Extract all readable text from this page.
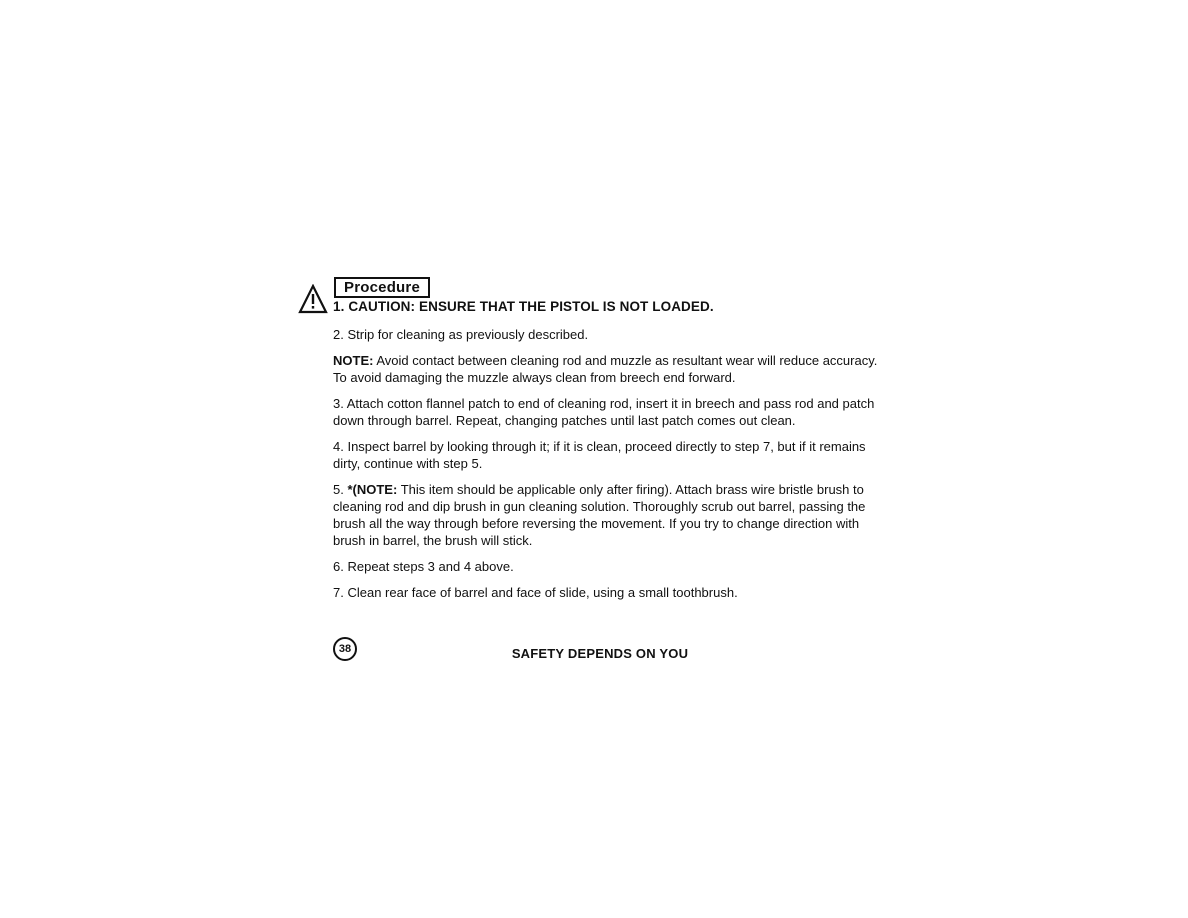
Procedure
1. CAUTION: ENSURE THAT THE PISTOL IS NOT LOADED.
2. Strip for cleaning as previously described.
NOTE: Avoid contact between cleaning rod and muzzle as resultant wear will reduce accuracy. To avoid damaging the muzzle always clean from breech end forward.
3. Attach cotton flannel patch to end of cleaning rod, insert it in breech and pass rod and patch down through barrel. Repeat, changing patches until last patch comes out clean.
4. Inspect barrel by looking through it; if it is clean, proceed directly to step 7, but if it remains dirty, continue with step 5.
5. *(NOTE: This item should be applicable only after firing). Attach brass wire bristle brush to cleaning rod and dip brush in gun cleaning solution. Thoroughly scrub out barrel, passing the brush all the way through before reversing the movement. If you try to change direction with brush in barrel, the brush will stick.
6. Repeat steps 3 and 4 above.
7. Clean rear face of barrel and face of slide, using a small toothbrush.
38	SAFETY DEPENDS ON YOU
